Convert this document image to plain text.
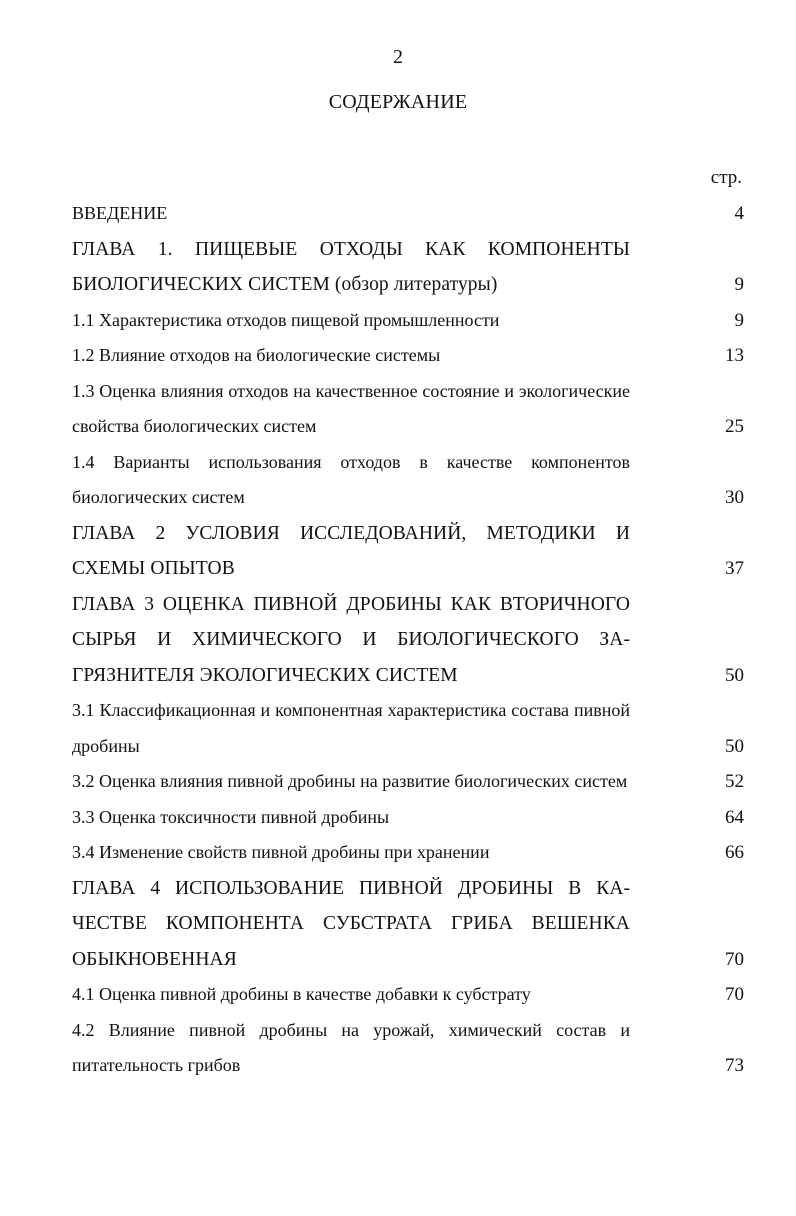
2
СОДЕРЖАНИЕ
стр.
ВВЕДЕНИЕ	4
ГЛАВА 1. ПИЩЕВЫЕ ОТХОДЫ КАК КОМПОНЕНТЫ БИОЛОГИЧЕСКИХ СИСТЕМ (обзор литературы)	9
1.1 Характеристика отходов пищевой промышленности	9
1.2 Влияние отходов на биологические системы	13
1.3 Оценка влияния отходов на качественное состояние и экологические свойства биологических систем	25
1.4 Варианты использования отходов в качестве компонентов биологических систем	30
ГЛАВА 2 УСЛОВИЯ ИССЛЕДОВАНИЙ, МЕТОДИКИ И СХЕМЫ ОПЫТОВ	37
ГЛАВА 3 ОЦЕНКА ПИВНОЙ ДРОБИНЫ КАК ВТОРИЧНОГО СЫРЬЯ И ХИМИЧЕСКОГО И БИОЛОГИЧЕСКОГО ЗАГРЯЗНИТЕЛЯ ЭКОЛОГИЧЕСКИХ СИСТЕМ	50
3.1 Классификационная и компонентная характеристика состава пивной дробины	50
3.2 Оценка влияния пивной дробины на развитие биологических систем	52
3.3 Оценка токсичности пивной дробины	64
3.4 Изменение свойств пивной дробины при хранении	66
ГЛАВА 4 ИСПОЛЬЗОВАНИЕ ПИВНОЙ ДРОБИНЫ В КАЧЕСТВЕ КОМПОНЕНТА СУБСТРАТА ГРИБА ВЕШЕНКА ОБЫКНОВЕННАЯ	70
4.1 Оценка пивной дробины в качестве добавки к субстрату	70
4.2 Влияние пивной дробины на урожай, химический состав и питательность грибов	73
